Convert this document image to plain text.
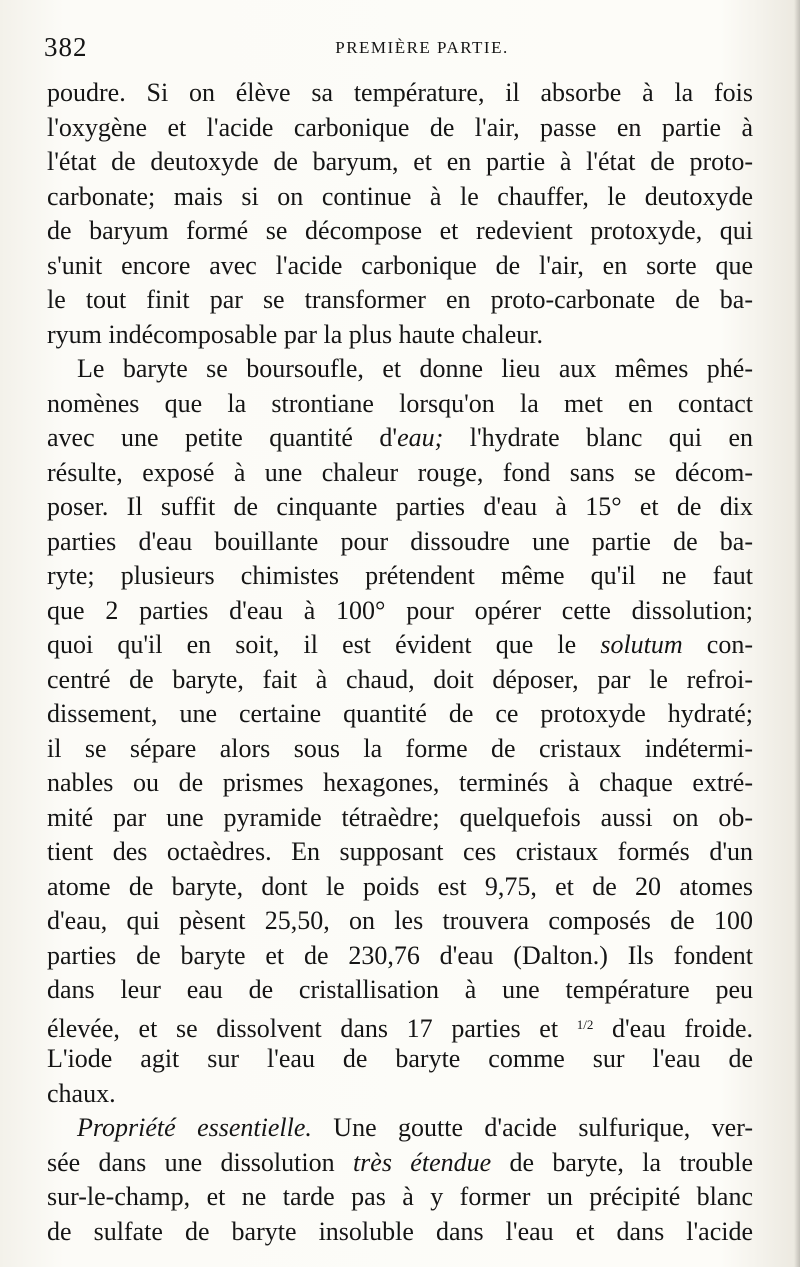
382	PREMIÈRE PARTIE.
poudre. Si on élève sa température, il absorbe à la fois
l'oxygène et l'acide carbonique de l'air, passe en partie à
l'état de deutoxyde de baryum, et en partie à l'état de proto-
carbonate; mais si on continue à le chauffer, le deutoxyde
de baryum formé se décompose et redevient protoxyde, qui
s'unit encore avec l'acide carbonique de l'air, en sorte que
le tout finit par se transformer en proto-carbonate de ba-
ryum indécomposable par la plus haute chaleur.
Le baryte se boursoufle, et donne lieu aux mêmes phé-
nomènes que la strontiane lorsqu'on la met en contact
avec une petite quantité d'eau; l'hydrate blanc qui en
résulte, exposé à une chaleur rouge, fond sans se décom-
poser. Il suffit de cinquante parties d'eau à 15° et de dix
parties d'eau bouillante pour dissoudre une partie de ba-
ryte; plusieurs chimistes prétendent même qu'il ne faut
que 2 parties d'eau à 100° pour opérer cette dissolution;
quoi qu'il en soit, il est évident que le solutum con-
centré de baryte, fait à chaud, doit déposer, par le refroi-
dissement, une certaine quantité de ce protoxyde hydraté;
il se sépare alors sous la forme de cristaux indétermi-
nables ou de prismes hexagones, terminés à chaque extré-
mité par une pyramide tétraèdre; quelquefois aussi on ob-
tient des octaèdres. En supposant ces cristaux formés d'un
atome de baryte, dont le poids est 9,75, et de 20 atomes
d'eau, qui pèsent 25,50, on les trouvera composés de 100
parties de baryte et de 230,76 d'eau (Dalton.) Ils fondent
dans leur eau de cristallisation à une température peu
élevée, et se dissolvent dans 17 parties et $^{1/2}$ d'eau froide.
L'iode agit sur l'eau de baryte comme sur l'eau de
chaux.
Propriété essentielle. Une goutte d'acide sulfurique, ver-
sée dans une dissolution très étendue de baryte, la trouble
sur-le-champ, et ne tarde pas à y former un précipité blanc
de sulfate de baryte insoluble dans l'eau et dans l'acide
